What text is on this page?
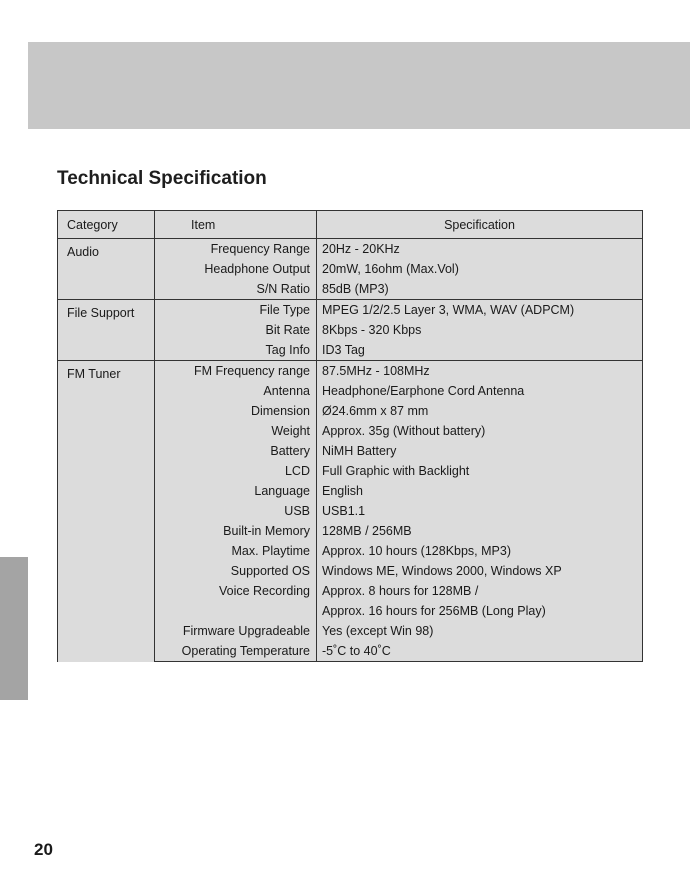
Technical Specification
Category	Item	Specification

Audio	Frequency Range	20Hz - 20KHz
	Headphone Output	20mW, 16ohm (Max.Vol)
	S/N Ratio	85dB (MP3)

File Support	File Type	MPEG 1/2/2.5 Layer 3, WMA, WAV (ADPCM)
	Bit Rate	8Kbps - 320 Kbps
	Tag Info	ID3 Tag

FM Tuner	FM Frequency range	87.5MHz - 108MHz
	Antenna	Headphone/Earphone Cord Antenna
	Dimension	Ø24.6mm x 87 mm
	Weight	Approx. 35g (Without battery)
	Battery	NiMH Battery
	LCD	Full Graphic with Backlight
	Language	English
	USB	USB1.1
	Built-in Memory	128MB / 256MB
	Max. Playtime	Approx. 10 hours (128Kbps, MP3)
	Supported OS	Windows ME, Windows 2000, Windows XP
	Voice Recording	Approx. 8 hours for 128MB /
		Approx. 16 hours for 256MB (Long Play)
	Firmware Upgradeable	Yes (except Win 98)
	Operating Temperature	-5˚C to 40˚C
20
